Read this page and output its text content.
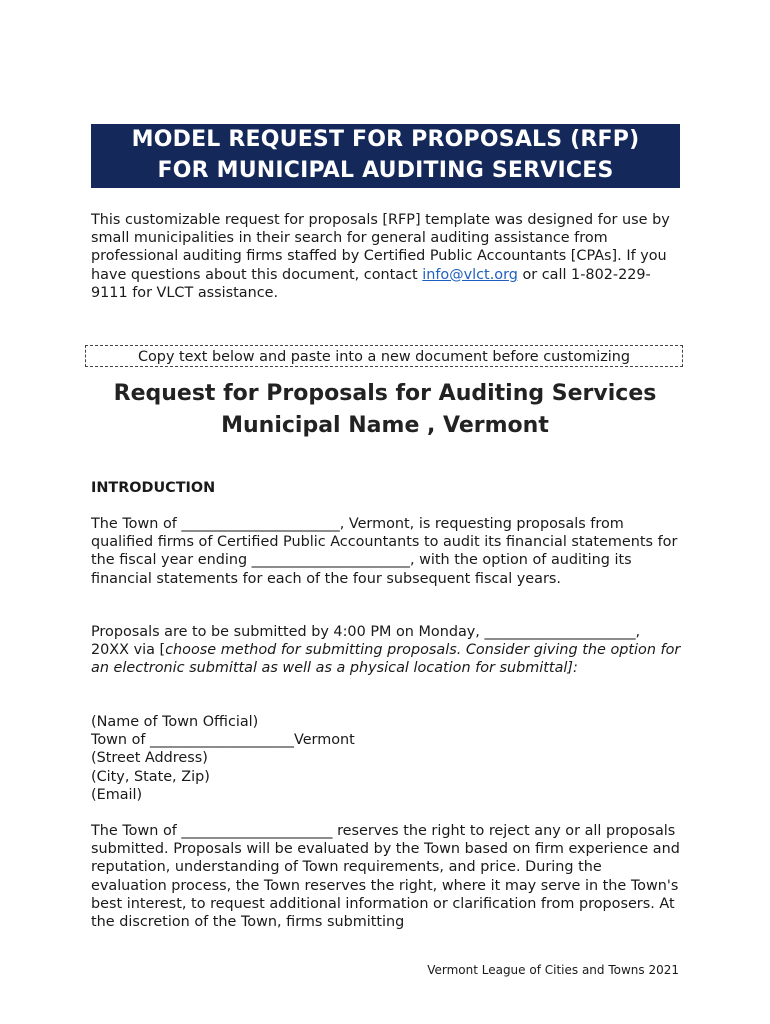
MODEL REQUEST FOR PROPOSALS (RFP)
FOR MUNICIPAL AUDITING SERVICES
This customizable request for proposals [RFP] template was designed for use by small municipalities in their search for general auditing assistance from professional auditing firms staffed by Certified Public Accountants [CPAs]. If you have questions about this document, contact info@vlct.org or call 1-802-229-9111 for VLCT assistance.
Copy text below and paste into a new document before customizing
Request for Proposals for Auditing Services
Municipal Name , Vermont
INTRODUCTION
The Town of ______________________, Vermont, is requesting proposals from qualified firms of Certified Public Accountants to audit its financial statements for the fiscal year ending ______________________, with the option of auditing its financial statements for each of the four subsequent fiscal years.
Proposals are to be submitted by 4:00 PM on Monday, _____________________, 20XX via [choose method for submitting proposals. Consider giving the option for an electronic submittal as well as a physical location for submittal]:
(Name of Town Official)
Town of ____________________Vermont
(Street Address)
(City, State, Zip)
(Email)
The Town of _____________________ reserves the right to reject any or all proposals submitted. Proposals will be evaluated by the Town based on firm experience and reputation, understanding of Town requirements, and price. During the evaluation process, the Town reserves the right, where it may serve in the Town's best interest, to request additional information or clarification from proposers. At the discretion of the Town, firms submitting
Vermont League of Cities and Towns 2021
